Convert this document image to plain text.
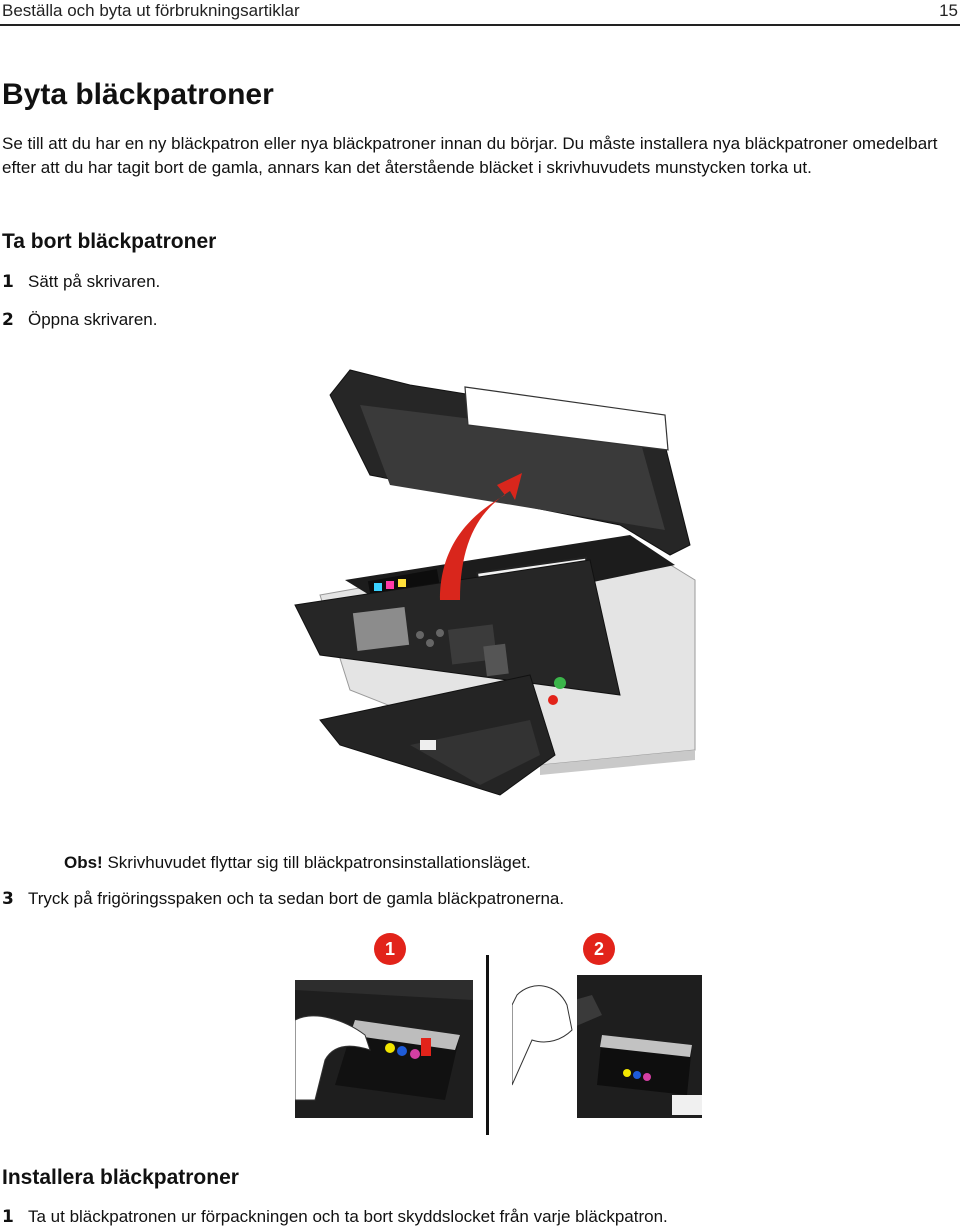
Beställa och byta ut förbrukningsartiklar	15
Byta bläckpatroner

Se till att du har en ny bläckpatron eller nya bläckpatroner innan du börjar. Du måste installera nya bläckpatroner omedelbart efter att du har tagit bort de gamla, annars kan det återstående bläcket i skrivhuvudets munstycken torka ut.

Ta bort bläckpatroner
1 Sätt på skrivaren.
2 Öppna skrivaren.
Obs! Skrivhuvudet flyttar sig till bläckpatronsinstallationsläget.
3 Tryck på frigöringsspaken och ta sedan bort de gamla bläckpatronerna.
1	2
Installera bläckpatroner
1 Ta ut bläckpatronen ur förpackningen och ta bort skyddslocket från varje bläckpatron.
